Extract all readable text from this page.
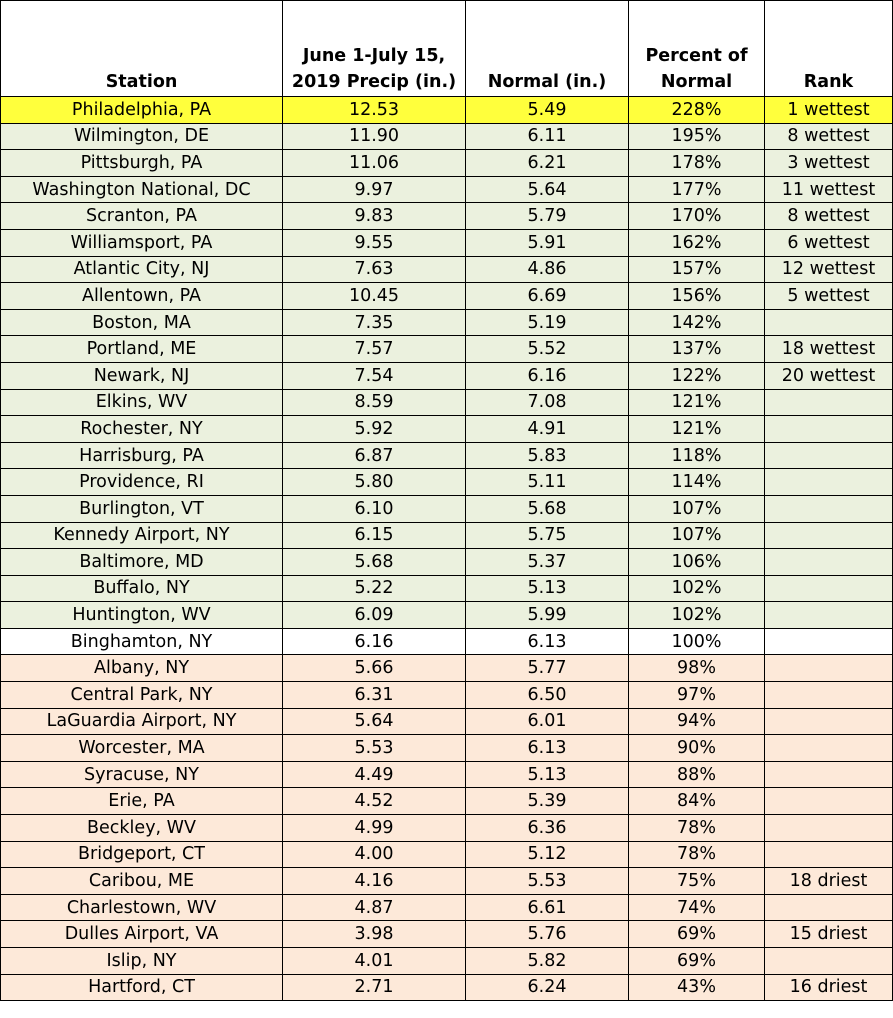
Station	June 1-July 15, 2019 Precip (in.)	Normal (in.)	Percent of Normal	Rank
Philadelphia, PA	12.53	5.49	228%	1 wettest
Wilmington, DE	11.90	6.11	195%	8 wettest
Pittsburgh, PA	11.06	6.21	178%	3 wettest
Washington National, DC	9.97	5.64	177%	11 wettest
Scranton, PA	9.83	5.79	170%	8 wettest
Williamsport, PA	9.55	5.91	162%	6 wettest
Atlantic City, NJ	7.63	4.86	157%	12 wettest
Allentown, PA	10.45	6.69	156%	5 wettest
Boston, MA	7.35	5.19	142%	
Portland, ME	7.57	5.52	137%	18 wettest
Newark, NJ	7.54	6.16	122%	20 wettest
Elkins, WV	8.59	7.08	121%	
Rochester, NY	5.92	4.91	121%	
Harrisburg, PA	6.87	5.83	118%	
Providence, RI	5.80	5.11	114%	
Burlington, VT	6.10	5.68	107%	
Kennedy Airport, NY	6.15	5.75	107%	
Baltimore, MD	5.68	5.37	106%	
Buffalo, NY	5.22	5.13	102%	
Huntington, WV	6.09	5.99	102%	
Binghamton, NY	6.16	6.13	100%	
Albany, NY	5.66	5.77	98%	
Central Park, NY	6.31	6.50	97%	
LaGuardia Airport, NY	5.64	6.01	94%	
Worcester, MA	5.53	6.13	90%	
Syracuse, NY	4.49	5.13	88%	
Erie, PA	4.52	5.39	84%	
Beckley, WV	4.99	6.36	78%	
Bridgeport, CT	4.00	5.12	78%	
Caribou, ME	4.16	5.53	75%	18 driest
Charlestown, WV	4.87	6.61	74%	
Dulles Airport, VA	3.98	5.76	69%	15 driest
Islip, NY	4.01	5.82	69%	
Hartford, CT	2.71	6.24	43%	16 driest
